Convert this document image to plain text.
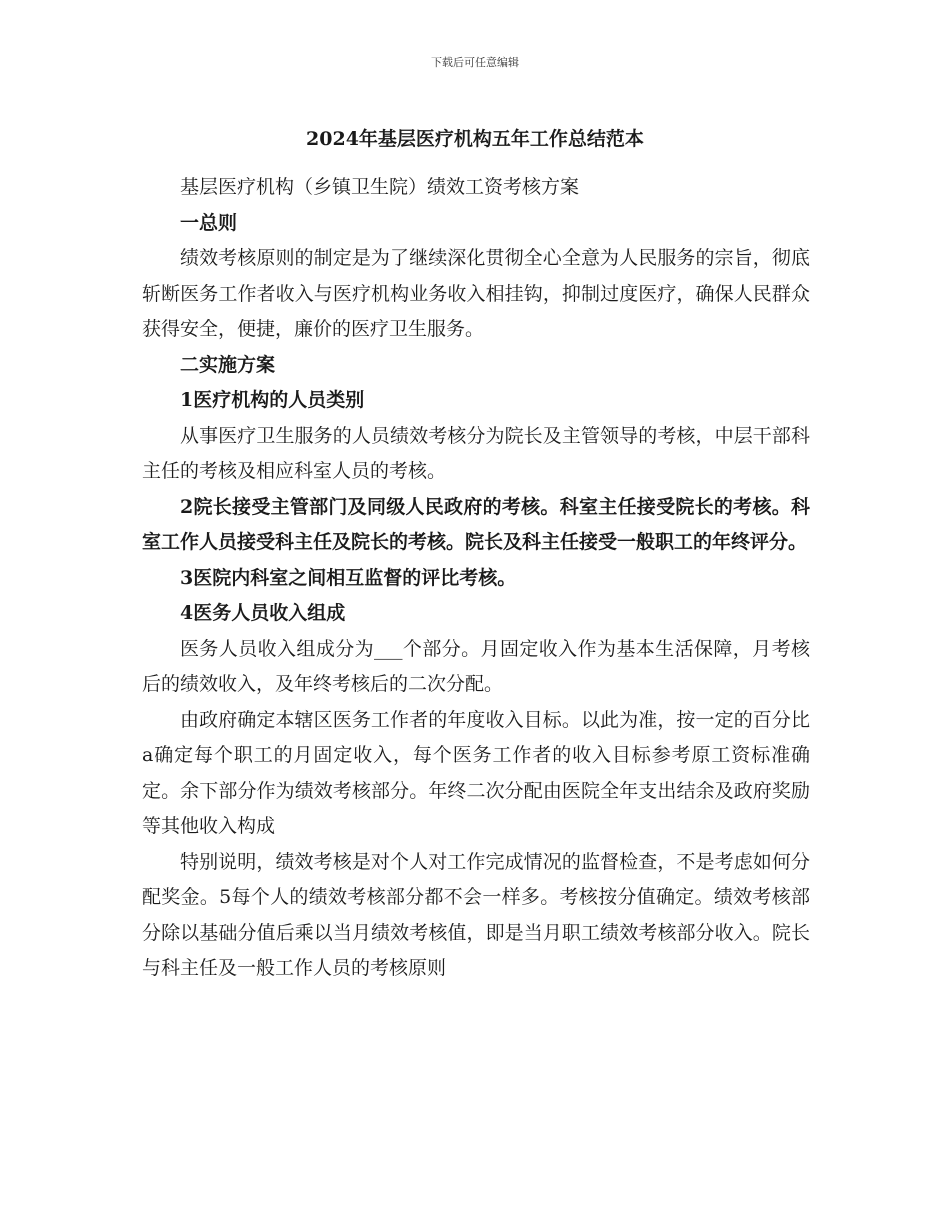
下载后可任意编辑
2024年基层医疗机构五年工作总结范本

基层医疗机构（乡镇卫生院）绩效工资考核方案

一总则

绩效考核原则的制定是为了继续深化贯彻全心全意为人民服务的宗旨，彻底斩断医务工作者收入与医疗机构业务收入相挂钩，抑制过度医疗，确保人民群众获得安全，便捷，廉价的医疗卫生服务。

二实施方案

1医疗机构的人员类别

从事医疗卫生服务的人员绩效考核分为院长及主管领导的考核，中层干部科主任的考核及相应科室人员的考核。

2院长接受主管部门及同级人民政府的考核。科室主任接受院长的考核。科室工作人员接受科主任及院长的考核。院长及科主任接受一般职工的年终评分。

3医院内科室之间相互监督的评比考核。

4医务人员收入组成

医务人员收入组成分为___个部分。月固定收入作为基本生活保障，月考核后的绩效收入，及年终考核后的二次分配。

由政府确定本辖区医务工作者的年度收入目标。以此为准，按一定的百分比a确定每个职工的月固定收入，每个医务工作者的收入目标参考原工资标准确定。余下部分作为绩效考核部分。年终二次分配由医院全年支出结余及政府奖励等其他收入构成

特别说明，绩效考核是对个人对工作完成情况的监督检查，不是考虑如何分配奖金。5每个人的绩效考核部分都不会一样多。考核按分值确定。绩效考核部分除以基础分值后乘以当月绩效考核值，即是当月职工绩效考核部分收入。院长与科主任及一般工作人员的考核原则
